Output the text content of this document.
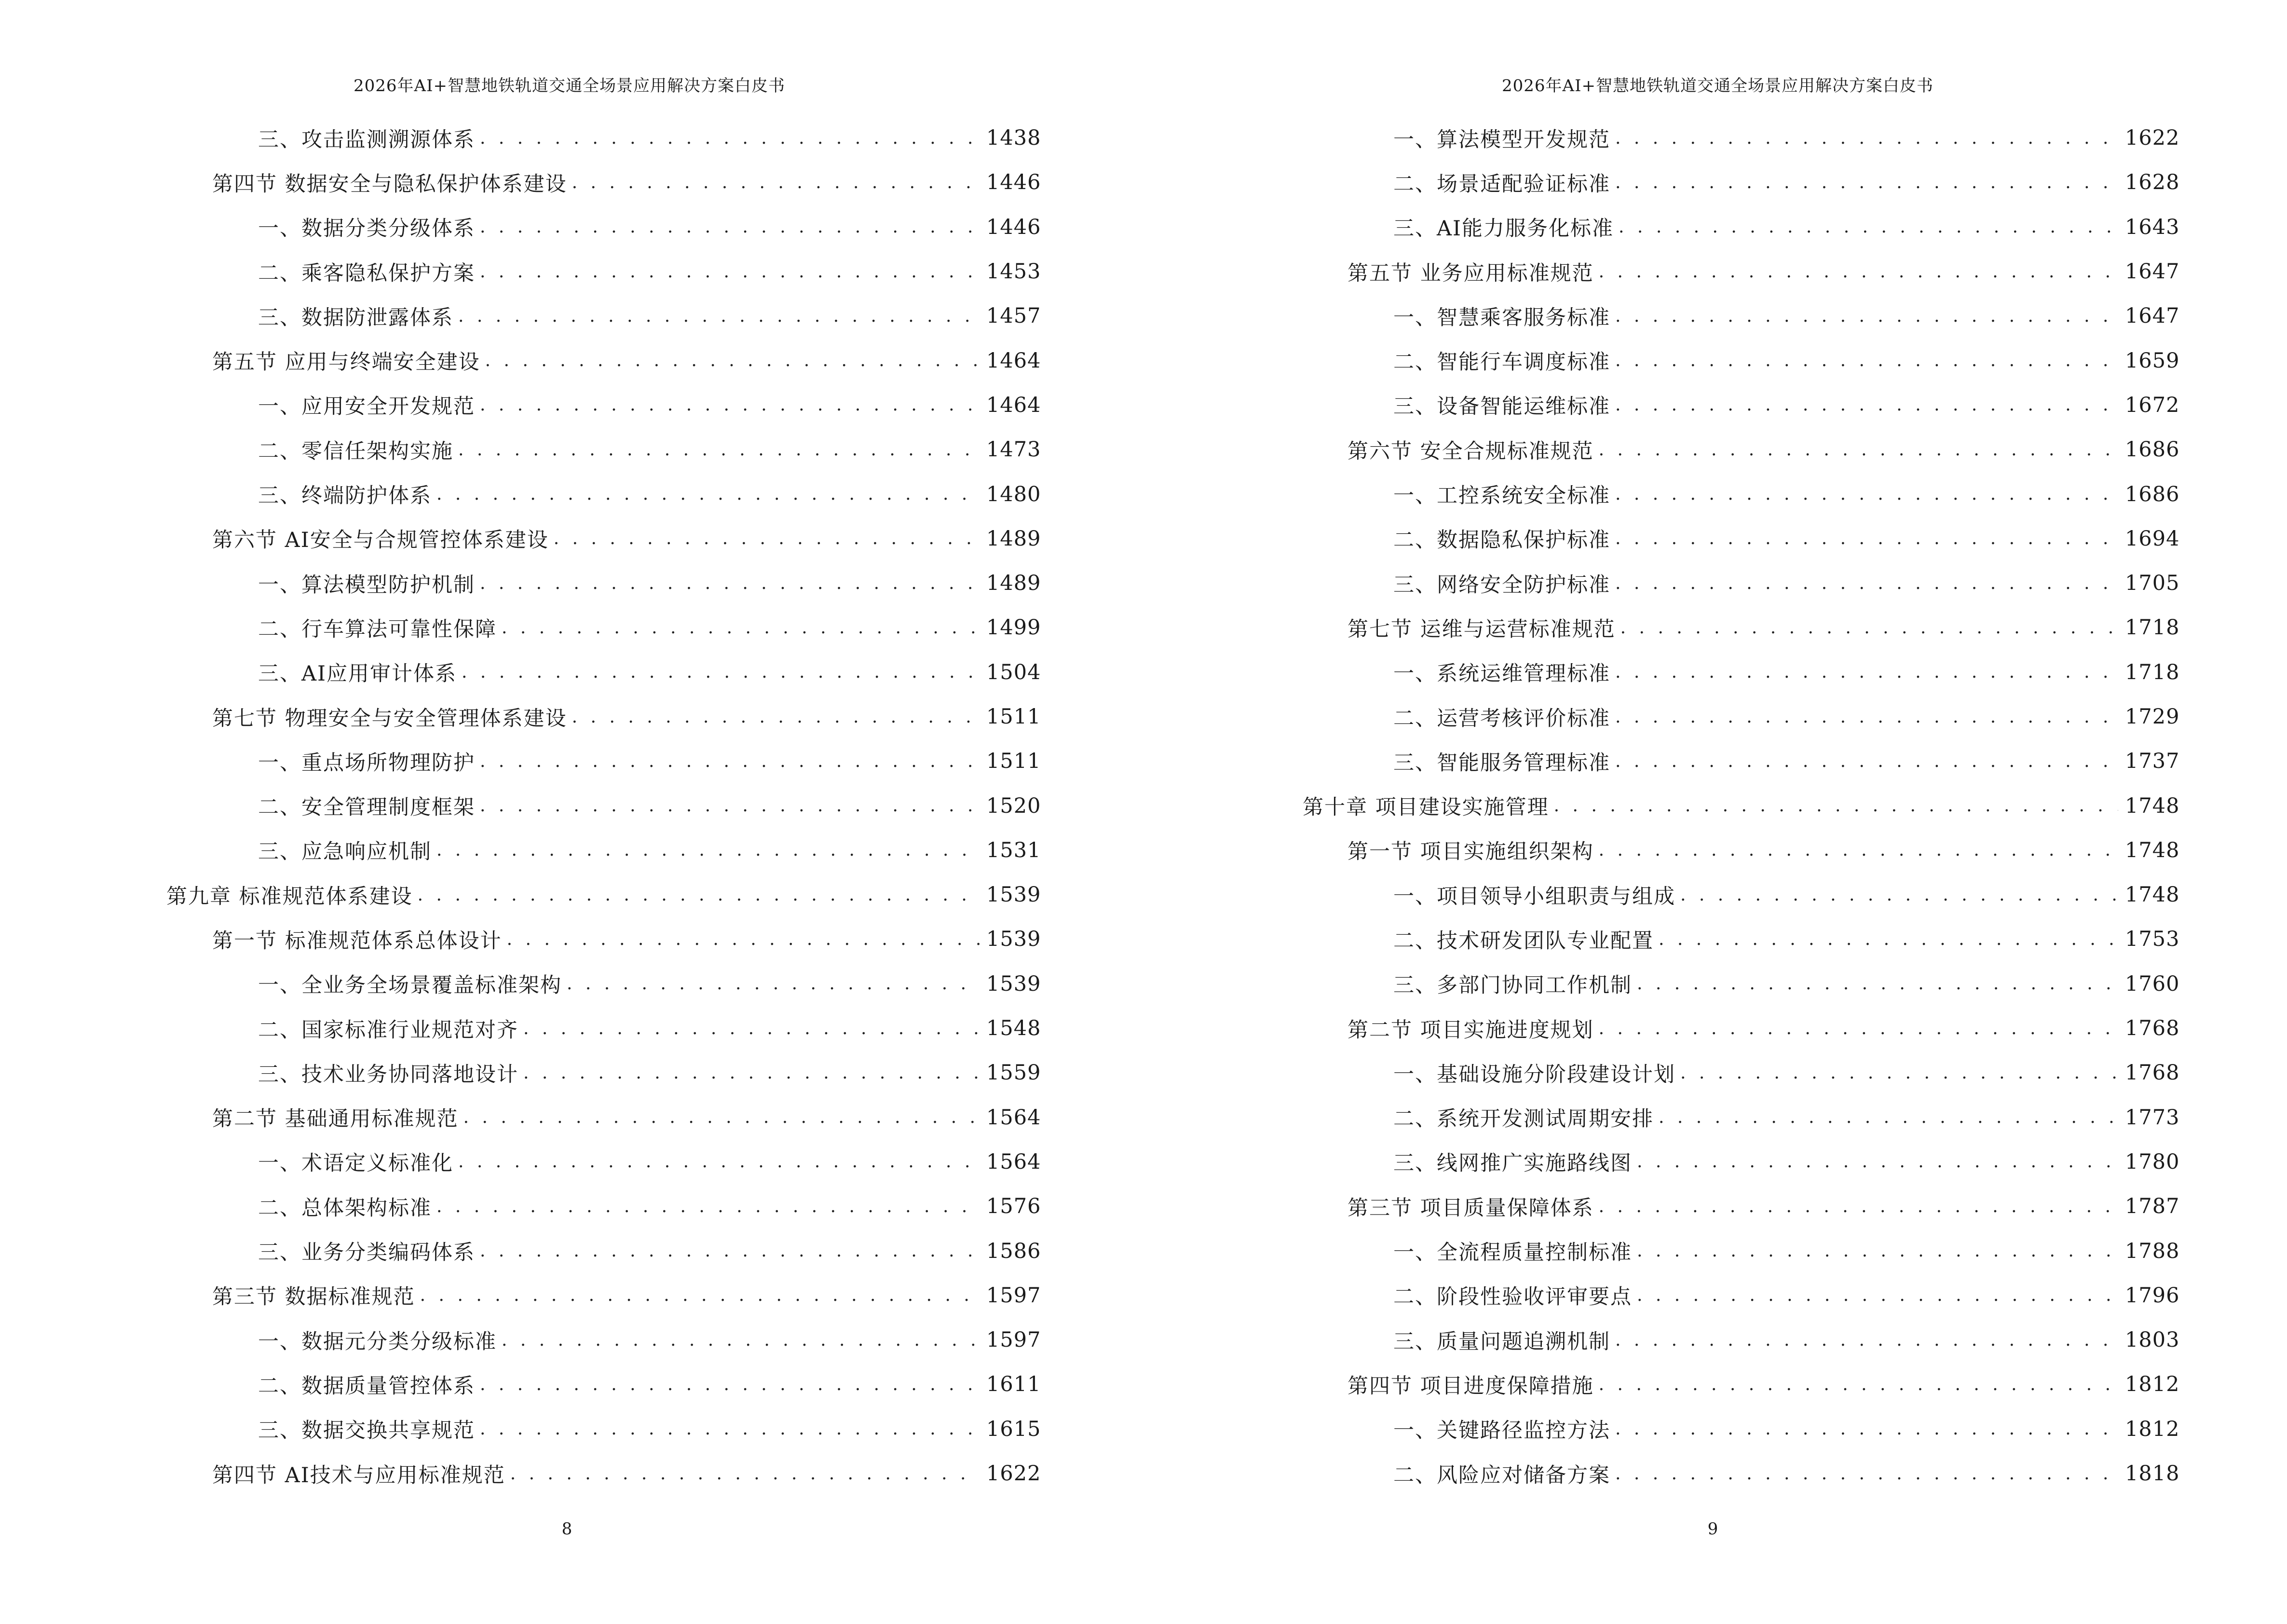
2026年AI+智慧地铁轨道交通全场景应用解决方案白皮书
三、攻击监测溯源体系 . . .	1438
第四节 数据安全与隐私保护体系建设 . . .	1446
一、数据分类分级体系 . . .	1446
二、乘客隐私保护方案 . . .	1453
三、数据防泄露体系 . . .	1457
第五节 应用与终端安全建设 . . .	1464
一、应用安全开发规范 . . .	1464
二、零信任架构实施 . . .	1473
三、终端防护体系 . . .	1480
第六节 AI安全与合规管控体系建设 . . .	1489
一、算法模型防护机制 . . .	1489
二、行车算法可靠性保障 . . .	1499
三、AI应用审计体系 . . .	1504
第七节 物理安全与安全管理体系建设 . . .	1511
一、重点场所物理防护 . . .	1511
二、安全管理制度框架 . . .	1520
三、应急响应机制 . . .	1531
第九章 标准规范体系建设 . . .	1539
第一节 标准规范体系总体设计 . . .	1539
一、全业务全场景覆盖标准架构 . . .	1539
二、国家标准行业规范对齐 . . .	1548
三、技术业务协同落地设计 . . .	1559
第二节 基础通用标准规范 . . .	1564
一、术语定义标准化 . . .	1564
二、总体架构标准 . . .	1576
三、业务分类编码体系 . . .	1586
第三节 数据标准规范 . . .	1597
一、数据元分类分级标准 . . .	1597
二、数据质量管控体系 . . .	1611
三、数据交换共享规范 . . .	1615
第四节 AI技术与应用标准规范 . . .	1622
8
2026年AI+智慧地铁轨道交通全场景应用解决方案白皮书
一、算法模型开发规范 . . .	1622
二、场景适配验证标准 . . .	1628
三、AI能力服务化标准 . . .	1643
第五节 业务应用标准规范 . . .	1647
一、智慧乘客服务标准 . . .	1647
二、智能行车调度标准 . . .	1659
三、设备智能运维标准 . . .	1672
第六节 安全合规标准规范 . . .	1686
一、工控系统安全标准 . . .	1686
二、数据隐私保护标准 . . .	1694
三、网络安全防护标准 . . .	1705
第七节 运维与运营标准规范 . . .	1718
一、系统运维管理标准 . . .	1718
二、运营考核评价标准 . . .	1729
三、智能服务管理标准 . . .	1737
第十章 项目建设实施管理 . . .	1748
第一节 项目实施组织架构 . . .	1748
一、项目领导小组职责与组成 . . .	1748
二、技术研发团队专业配置 . . .	1753
三、多部门协同工作机制 . . .	1760
第二节 项目实施进度规划 . . .	1768
一、基础设施分阶段建设计划 . . .	1768
二、系统开发测试周期安排 . . .	1773
三、线网推广实施路线图 . . .	1780
第三节 项目质量保障体系 . . .	1787
一、全流程质量控制标准 . . .	1788
二、阶段性验收评审要点 . . .	1796
三、质量问题追溯机制 . . .	1803
第四节 项目进度保障措施 . . .	1812
一、关键路径监控方法 . . .	1812
二、风险应对储备方案 . . .	1818
9
